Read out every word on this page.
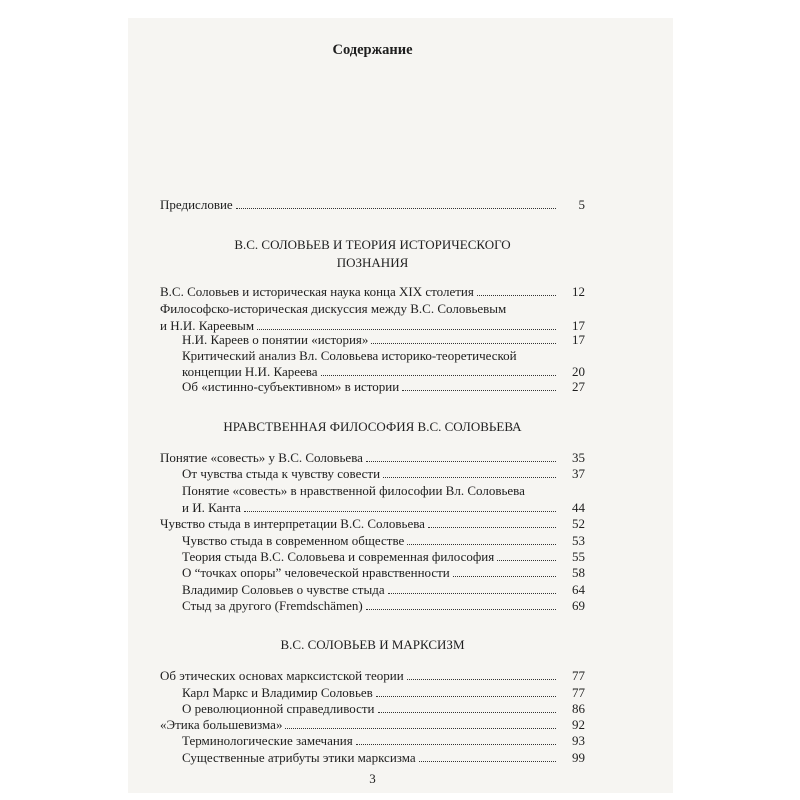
Содержание
Предисловие	5
В.С. СОЛОВЬЕВ И ТЕОРИЯ ИСТОРИЧЕСКОГО
ПОЗНАНИЯ
В.С. Соловьев и историческая наука конца XIX столетия	12
Философско-историческая дискуссия между В.С. Соловьевым
и Н.И. Кареевым	17
Н.И. Кареев о понятии «история»	17
Критический анализ Вл. Соловьева историко-теоретической
концепции Н.И. Кареева	20
Об «истинно-субъективном» в истории	27
НРАВСТВЕННАЯ ФИЛОСОФИЯ В.С. СОЛОВЬЕВА
Понятие «совесть» у В.С. Соловьева	35
От чувства стыда к чувству совести	37
Понятие «совесть» в нравственной философии Вл. Соловьева
и И. Канта	44
Чувство стыда в интерпретации В.С. Соловьева	52
Чувство стыда в современном обществе	53
Теория стыда В.С. Соловьева и современная философия	55
О “точках опоры” человеческой нравственности	58
Владимир Соловьев о чувстве стыда	64
Стыд за другого (Fremdschämen)	69
В.С. СОЛОВЬЕВ И МАРКСИЗМ
Об этических основах марксистской теории	77
Карл Маркс и Владимир Соловьев	77
О революционной справедливости	86
«Этика большевизма»	92
Терминологические замечания	93
Существенные атрибуты этики марксизма	99
3
